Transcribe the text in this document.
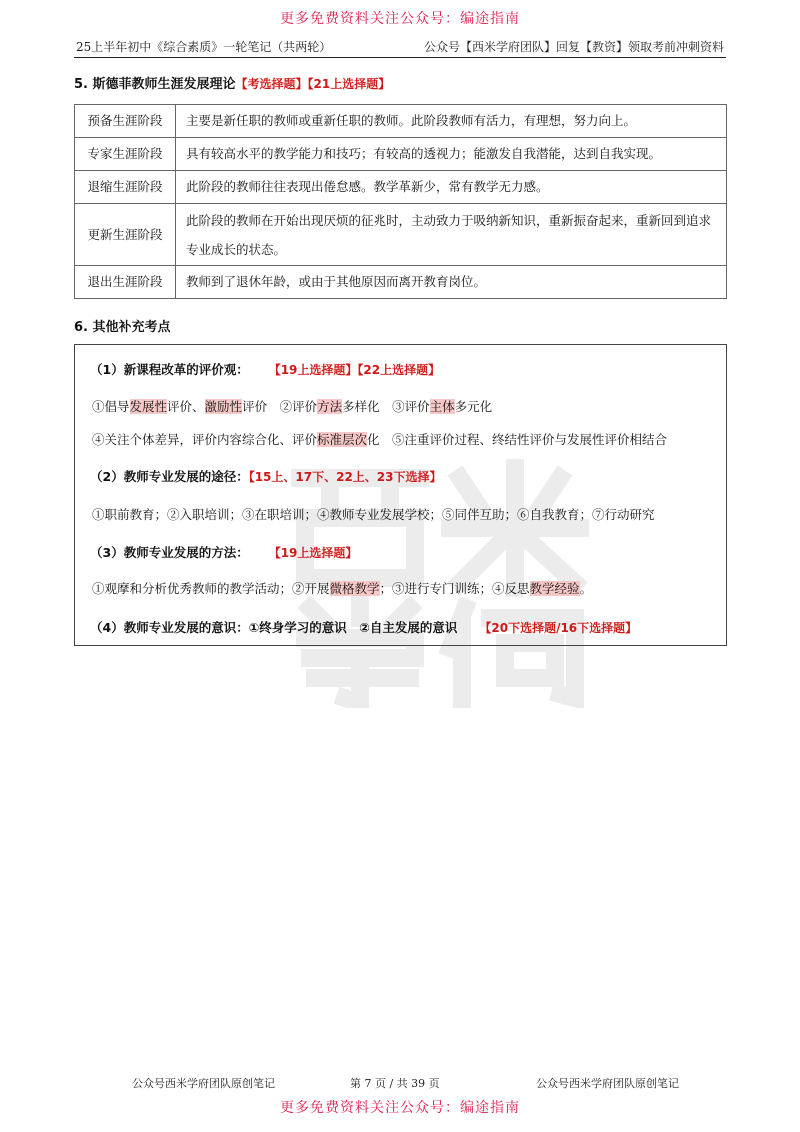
更多免费资料关注公众号：编途指南
25上半年初中《综合素质》一轮笔记（共两轮）	公众号【西米学府团队】回复【教资】领取考前冲刺资料
5. 斯德菲教师生涯发展理论【考选择题】【21上选择题】
预备生涯阶段	主要是新任职的教师或重新任职的教师。此阶段教师有活力，有理想，努力向上。
专家生涯阶段	具有较高水平的教学能力和技巧；有较高的透视力；能激发自我潜能，达到自我实现。
退缩生涯阶段	此阶段的教师往往表现出倦怠感。教学革新少，常有教学无力感。
更新生涯阶段	此阶段的教师在开始出现厌烦的征兆时，主动致力于吸纳新知识，重新振奋起来，重新回到追求专业成长的状态。
退出生涯阶段	教师到了退休年龄，或由于其他原因而离开教育岗位。
6. 其他补充考点
（1）新课程改革的评价观： 【19上选择题】【22上选择题】
①倡导发展性评价、激励性评价　②评价方法多样化　③评价主体多元化
④关注个体差异，评价内容综合化、评价标准层次化　⑤注重评价过程、终结性评价与发展性评价相结合
（2）教师专业发展的途径：【15上、17下、22上、23下选择】
①职前教育；②入职培训；③在职培训；④教师专业发展学校；⑤同伴互助；⑥自我教育；⑦行动研究
（3）教师专业发展的方法： 【19上选择题】
①观摩和分析优秀教师的教学活动；②开展微格教学；③进行专门训练；④反思教学经验。
（4）教师专业发展的意识：①终身学习的意识　②自主发展的意识 【20下选择题/16下选择题】
公众号西米学府团队原创笔记	第 7 页 / 共 39 页	公众号西米学府团队原创笔记
更多免费资料关注公众号：编途指南
